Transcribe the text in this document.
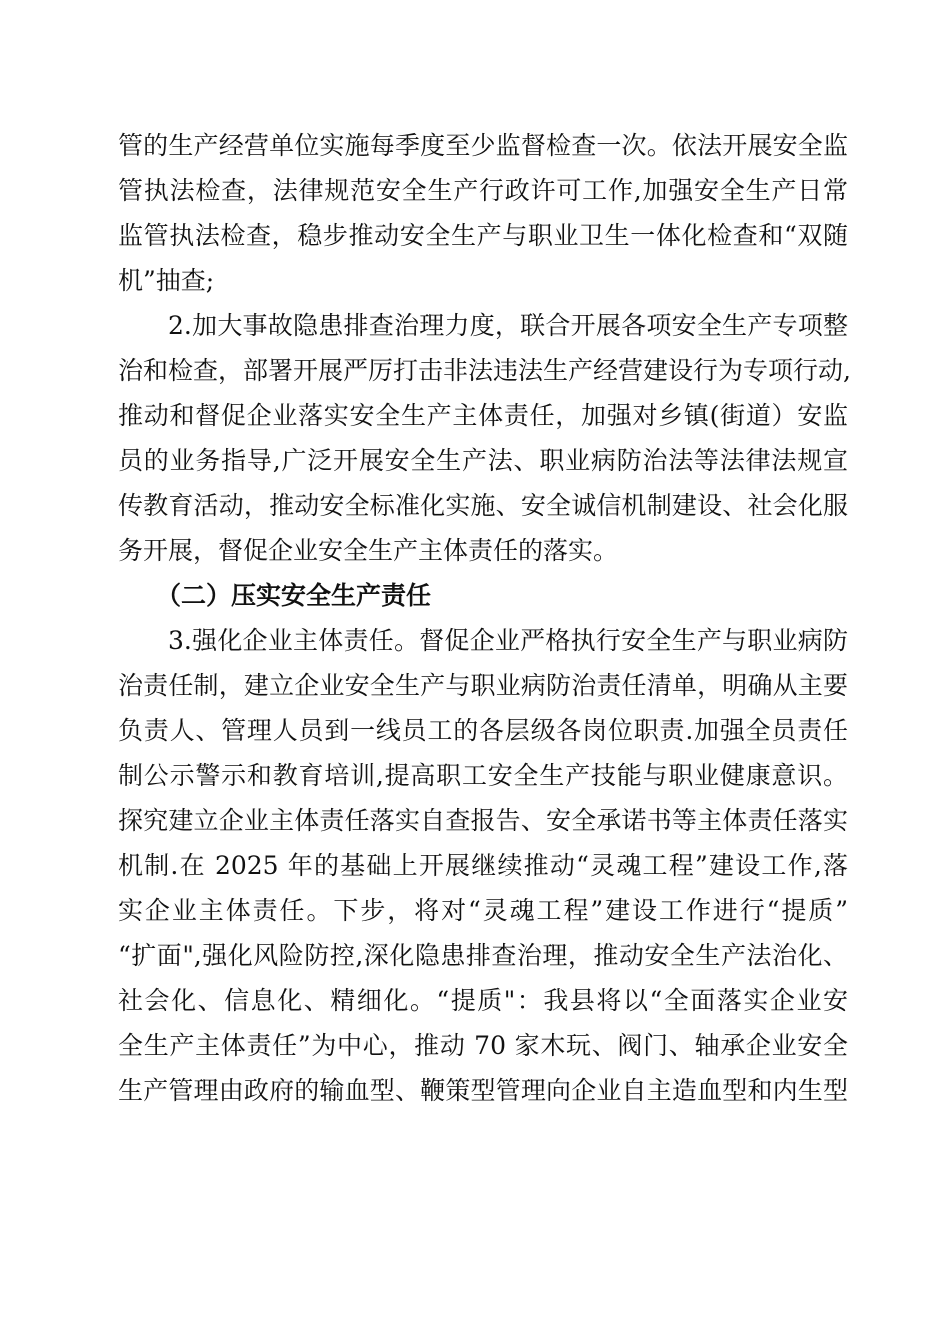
管的生产经营单位实施每季度至少监督检查一次。依法开展安全监
管执法检查，法律规范安全生产行政许可工作,加强安全生产日常
监管执法检查，稳步推动安全生产与职业卫生一体化检查和“双随
机”抽查;
2.加大事故隐患排查治理力度，联合开展各项安全生产专项整
治和检查，部署开展严厉打击非法违法生产经营建设行为专项行动,
推动和督促企业落实安全生产主体责任，加强对乡镇(街道）安监
员的业务指导,广泛开展安全生产法、职业病防治法等法律法规宣
传教育活动，推动安全标准化实施、安全诚信机制建设、社会化服
务开展，督促企业安全生产主体责任的落实。
（二）压实安全生产责任
3.强化企业主体责任。督促企业严格执行安全生产与职业病防
治责任制，建立企业安全生产与职业病防治责任清单，明确从主要
负责人、管理人员到一线员工的各层级各岗位职责.加强全员责任
制公示警示和教育培训,提高职工安全生产技能与职业健康意识。
探究建立企业主体责任落实自查报告、安全承诺书等主体责任落实
机制.在 2025 年的基础上开展继续推动“灵魂工程”建设工作,落
实企业主体责任。下步，将对“灵魂工程”建设工作进行“提质”
“扩面",强化风险防控,深化隐患排查治理，推动安全生产法治化、
社会化、信息化、精细化。“提质"：我县将以“全面落实企业安
全生产主体责任”为中心，推动 70 家木玩、阀门、轴承企业安全
生产管理由政府的输血型、鞭策型管理向企业自主造血型和内生型
